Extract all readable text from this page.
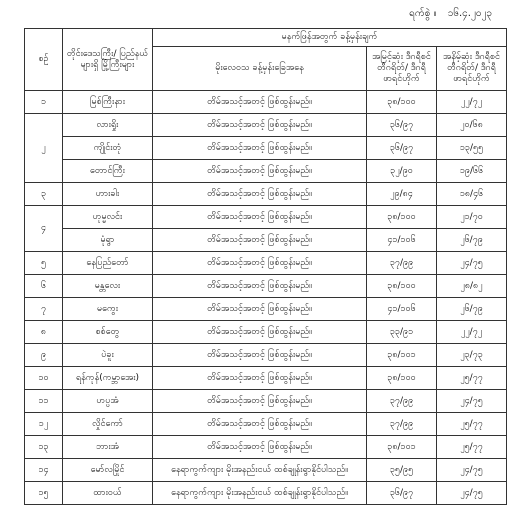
ရက်စွဲ ။ ၁၆.၄.၂၀၂၃
စဉ်	တိုင်းဒေသကြီး/ ပြည်နယ်များရှိ မြို့ကြီးများ	မနက်ဖြန်အတွက် ခန့်မှန်းချက်		
		မိုးလေဝသ ခန့်မှန်းခြေအနေ	အမြင့်ဆုံး ဒီဂရီစင်တီဂရိတ်/ ဒီဂရီဖာရင်ဟိုက်	အနိမ့်ဆုံး ဒီဂရီစင်တီဂရိတ်/ ဒီဂရီဖာရင်ဟိုက်
၁	မြစ်ကြီးနား	တိမ်အသင့်အတင့် ဖြစ်ထွန်းမည်။	၃၈/၁၀၀	၂၂/၇၂
၂	လားရှိုး	တိမ်အသင့်အတင့် ဖြစ်ထွန်းမည်။	၃၆/၉၇	၂၀/၆၈
	ကျိုင်းတုံ	တိမ်အသင့်အတင့် ဖြစ်ထွန်းမည်။	၃၆/၉၇	၁၃/၅၅
	တောင်ကြီး	တိမ်အသင့်အတင့် ဖြစ်ထွန်းမည်။	၃၂/၉၀	၁၉/၆၆
၃	ဟားခါး	တိမ်အသင့်အတင့် ဖြစ်ထွန်းမည်။	၂၉/၈၄	၁၈/၄၆
၄	ဟုမ္မလင်း	တိမ်အသင့်အတင့် ဖြစ်ထွန်းမည်။	၃၈/၁၀၀	၂၁/၇၀
	မုံရွာ	တိမ်အသင့်အတင့် ဖြစ်ထွန်းမည်။	၄၁/၁၀၆	၂၆/၇၉
၅	နေပြည်တော်	တိမ်အသင့်အတင့် ဖြစ်ထွန်းမည်။	၃၇/၉၉	၂၄/၇၅
၆	မန္တလေး	တိမ်အသင့်အတင့် ဖြစ်ထွန်းမည်။	၃၈/၁၀၀	၂၈/၈၂
၇	မကွေး	တိမ်အသင့်အတင့် ဖြစ်ထွန်းမည်။	၄၁/၁၀၆	၂၆/၇၉
၈	စစ်တွေ	တိမ်အသင့်အတင့် ဖြစ်ထွန်းမည်။	၃၃/၉၁	၂၂/၇၂
၉	ပဲခူး	တိမ်အသင့်အတင့် ဖြစ်ထွန်းမည်။	၃၈/၁၀၁	၂၃/၇၃
၁၀	ရန်ကုန်(ကမ္ဘာအေး)	တိမ်အသင့်အတင့် ဖြစ်ထွန်းမည်။	၃၈/၁၀၀	၂၅/၇၇
၁၁	ဟပ္ပအံ	တိမ်အသင့်အတင့် ဖြစ်ထွန်းမည်။	၃၇/၉၉	၂၄/၇၅
၁၂	လှိုင်ကော်	တိမ်အသင့်အတင့် ဖြစ်ထွန်းမည်။	၃၇/၉၉	၂၅/၇၇
၁၃	ဘားအံ	တိမ်အသင့်အတင့် ဖြစ်ထွန်းမည်။	၃၈/၁၀၁	၂၅/၇၇
၁၄	မော်လမြိုင်	နေရာကွက်ကျား မိုးအနည်းငယ် ထစ်ချုန်းရွာနိုင်ပါသည်။	၃၅/၉၅	၂၄/၇၅
၁၅	ထားဝယ်	နေရာကွက်ကျား မိုးအနည်းငယ် ထစ်ချုန်းရွာနိုင်ပါသည်။	၃၆/၉၇	၂၄/၇၅
